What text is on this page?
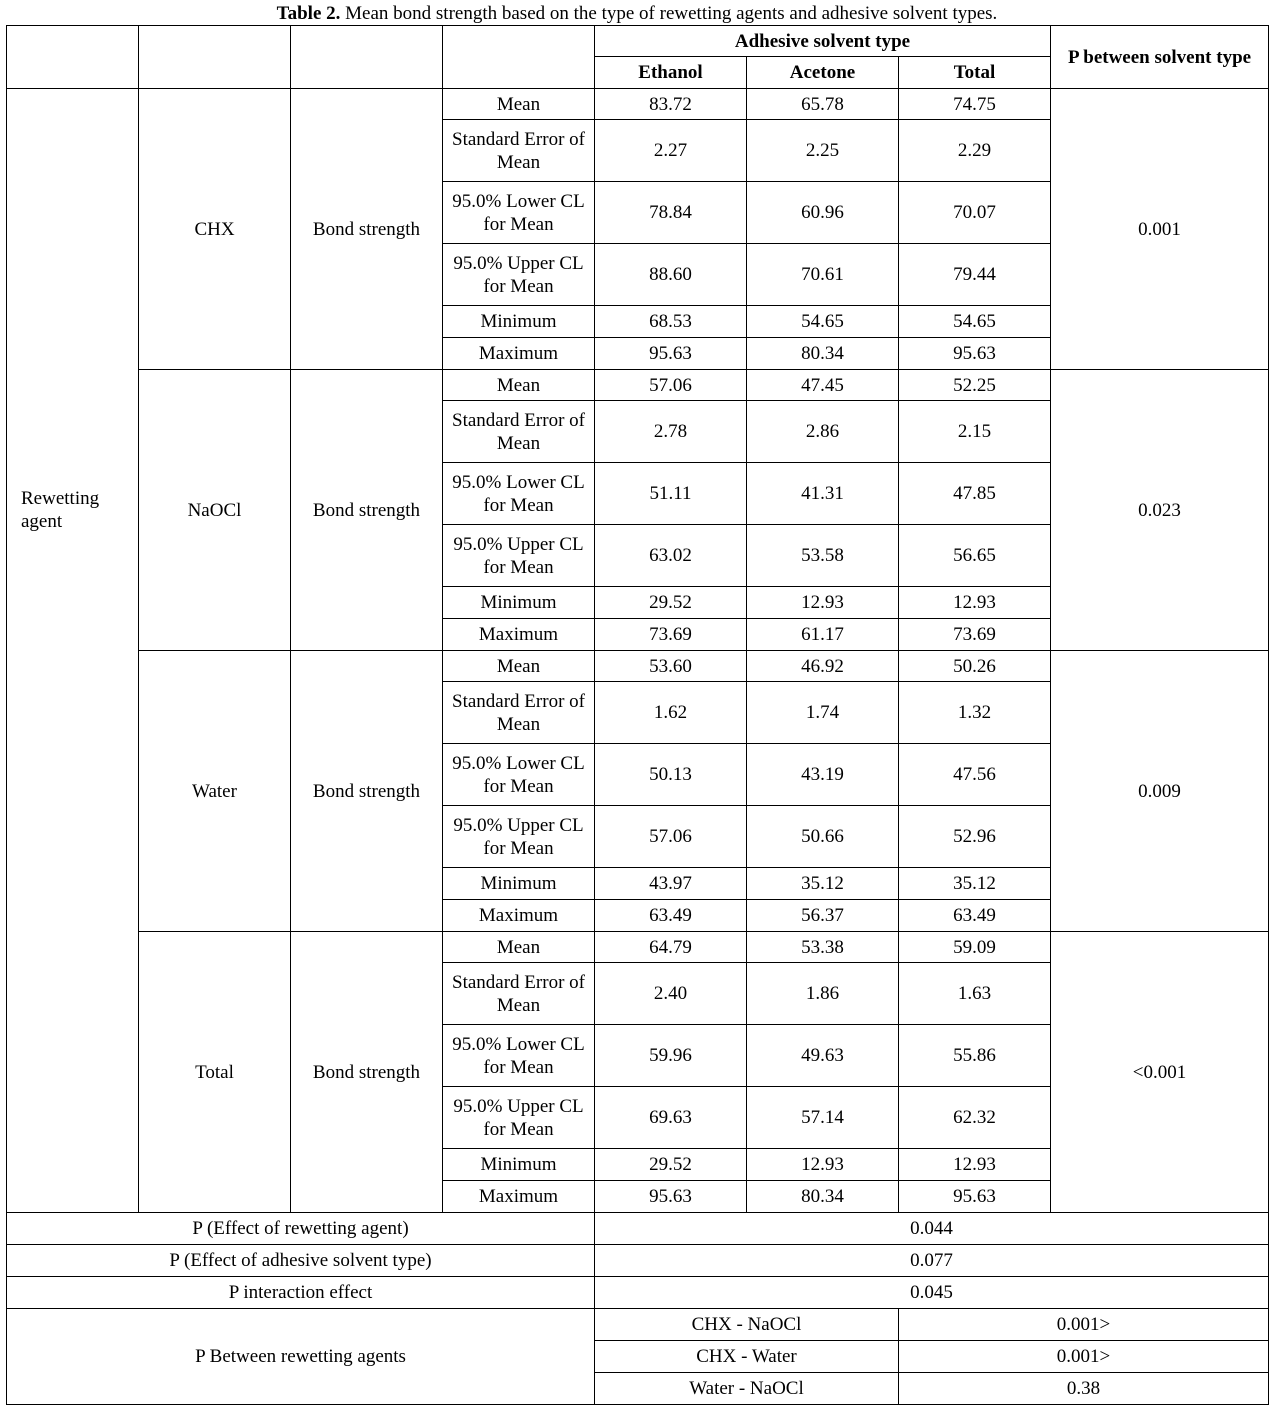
Table 2. Mean bond strength based on the type of rewetting agents and adhesive solvent types.
				Adhesive solvent type			P between solvent type
				Ethanol	Acetone	Total	
	CHX	Bond strength	Mean	83.72	65.78	74.75	0.001
			Standard Error of Mean	2.27	2.25	2.29	
			95.0% Lower CL for Mean	78.84	60.96	70.07	
			95.0% Upper CL for Mean	88.60	70.61	79.44	
			Minimum	68.53	54.65	54.65	
			Maximum	95.63	80.34	95.63	
Rewetting agent	NaOCl	Bond strength	Mean	57.06	47.45	52.25	0.023
			Standard Error of Mean	2.78	2.86	2.15	
			95.0% Lower CL for Mean	51.11	41.31	47.85	
			95.0% Upper CL for Mean	63.02	53.58	56.65	
			Minimum	29.52	12.93	12.93	
			Maximum	73.69	61.17	73.69	
	Water	Bond strength	Mean	53.60	46.92	50.26	0.009
			Standard Error of Mean	1.62	1.74	1.32	
			95.0% Lower CL for Mean	50.13	43.19	47.56	
			95.0% Upper CL for Mean	57.06	50.66	52.96	
			Minimum	43.97	35.12	35.12	
			Maximum	63.49	56.37	63.49	
	Total	Bond strength	Mean	64.79	53.38	59.09	<0.001
			Standard Error of Mean	2.40	1.86	1.63	
			95.0% Lower CL for Mean	59.96	49.63	55.86	
			95.0% Upper CL for Mean	69.63	57.14	62.32	
			Minimum	29.52	12.93	12.93	
			Maximum	95.63	80.34	95.63	
P (Effect of rewetting agent)				0.044			
P (Effect of adhesive solvent type)				0.077			
P interaction effect				0.045			
P Between rewetting agents				CHX - NaOCl		0.001>	
				CHX - Water		0.001>	
				Water - NaOCl		0.38	
